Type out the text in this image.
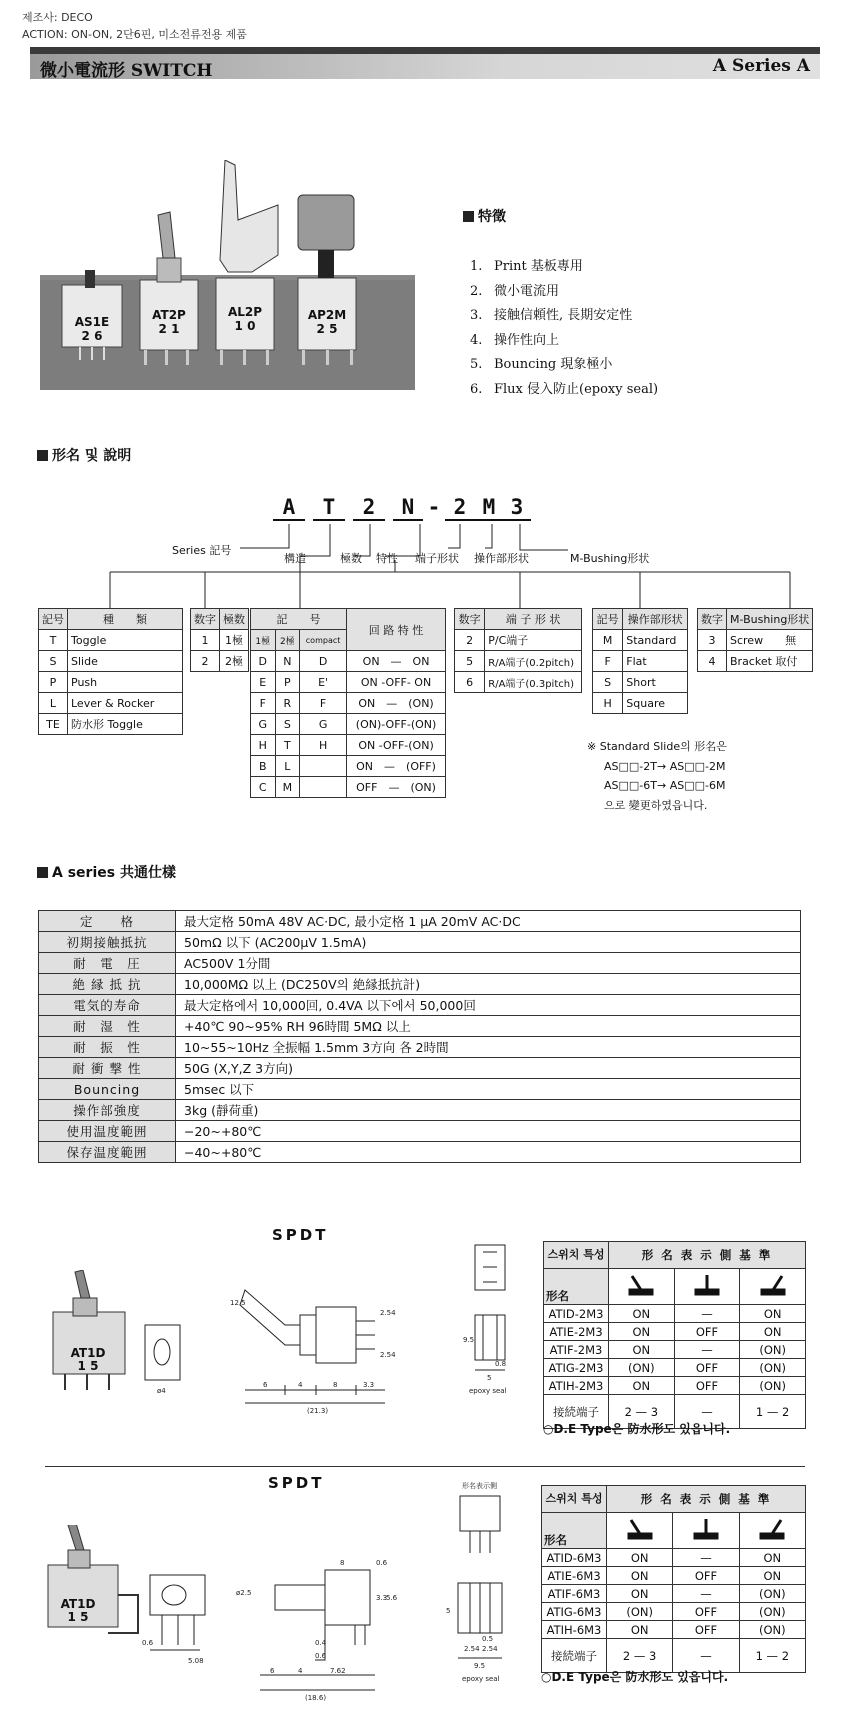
제조사: DECO
ACTION: ON-ON, 2단6핀, 미소전류전용 제품
微小電流形 SWITCH	A Series A
AS1E
2 6
AT2P
2 1
AL2P
1 0
AP2M
2 5
特徵
1. Print 基板專用
2. 微小電流用
3. 接触信頼性, 長期安定性
4. 操作性向上
5. Bouncing 現象極小
6. Flux 侵入防止(epoxy seal)
形名 및 說明
A T 2 N - 2 M 3
Series 記号
構造	極数 特性 端子形状 操作部形状	M-Bushing形状
記号	種　　類
T	Toggle
S	Slide
P	Push
L	Lever & Rocker
TE	防水形 Toggle
数字	極数
1	1極
2	2極
記　　号			回 路 特 性
1極	2極	compact	
D	N	D	ON　—　ON
E	P	E'	ON -OFF- ON
F	R	F	ON　—　(ON)
G	S	G	(ON)-OFF-(ON)
H	T	H	ON -OFF-(ON)
B	L		ON　—　(OFF)
C	M		OFF　—　(ON)
数字	端 子 形 状
2	P/C端子
5	R/A端子(0.2pitch)
6	R/A端子(0.3pitch)
記号	操作部形状
M	Standard
F	Flat
S	Short
H	Square
数字	M-Bushing形状
3	Screw　　無
4	Bracket 取付
※ Standard Slide의 形名은
AS□□-2T→ AS□□-2M
AS□□-6T→ AS□□-6M
으로 變更하였읍니다.
A series 共通仕樣
定　　格	最大定格 50mA 48V AC·DC, 最小定格 1 μA 20mV AC·DC
初期接触抵抗	50mΩ 以下 (AC200μV 1.5mA)
耐　電　圧	AC500V 1分間
絶 縁 抵 抗	10,000MΩ 以上 (DC250V의 絶縁抵抗計)
電気的寿命	最大定格에서 10,000回, 0.4VA 以下에서 50,000回
耐　湿　性	+40℃ 90~95% RH 96時間 5MΩ 以上
耐　振　性	10~55~10Hz 全振幅 1.5mm 3方向 各 2時間
耐 衝 撃 性	50G (X,Y,Z 3方向)
Bouncing	5msec 以下
操作部強度	3kg (靜荷重)
使用温度範囲	−20~+80℃
保存温度範囲	−40~+80℃
SPDT
AT1D
1 5
ø4
6	4	8	3.3
(21.3)
12.5
2.54
2.54
9.5
5
epoxy seal
0.8
스위치 특성	形 名 表 示 側 基 準		
形名			
ATID-2M3	ON	—	ON
ATIE-2M3	ON	OFF	ON
ATIF-2M3	ON	—	(ON)
ATIG-2M3	(ON)	OFF	(ON)
ATIH-2M3	ON	OFF	(ON)
接続端子	2 — 3	—	1 — 2
○D.E Type은 防水形도 있읍니다.
SPDT
AT1D
1 5
5.08
0.6
ø2.5
8	0.6
3.3
5.6
0.4
0.6
6	4	7.62
(18.6)
形名表示側
5
0.5
2.54 2.54
9.5
epoxy seal
스위치 특성	形 名 表 示 側 基 準		
形名			
ATID-6M3	ON	—	ON
ATIE-6M3	ON	OFF	ON
ATIF-6M3	ON	—	(ON)
ATIG-6M3	(ON)	OFF	(ON)
ATIH-6M3	ON	OFF	(ON)
接続端子	2 — 3	—	1 — 2
○D.E Type은 防水形도 있읍니다.
